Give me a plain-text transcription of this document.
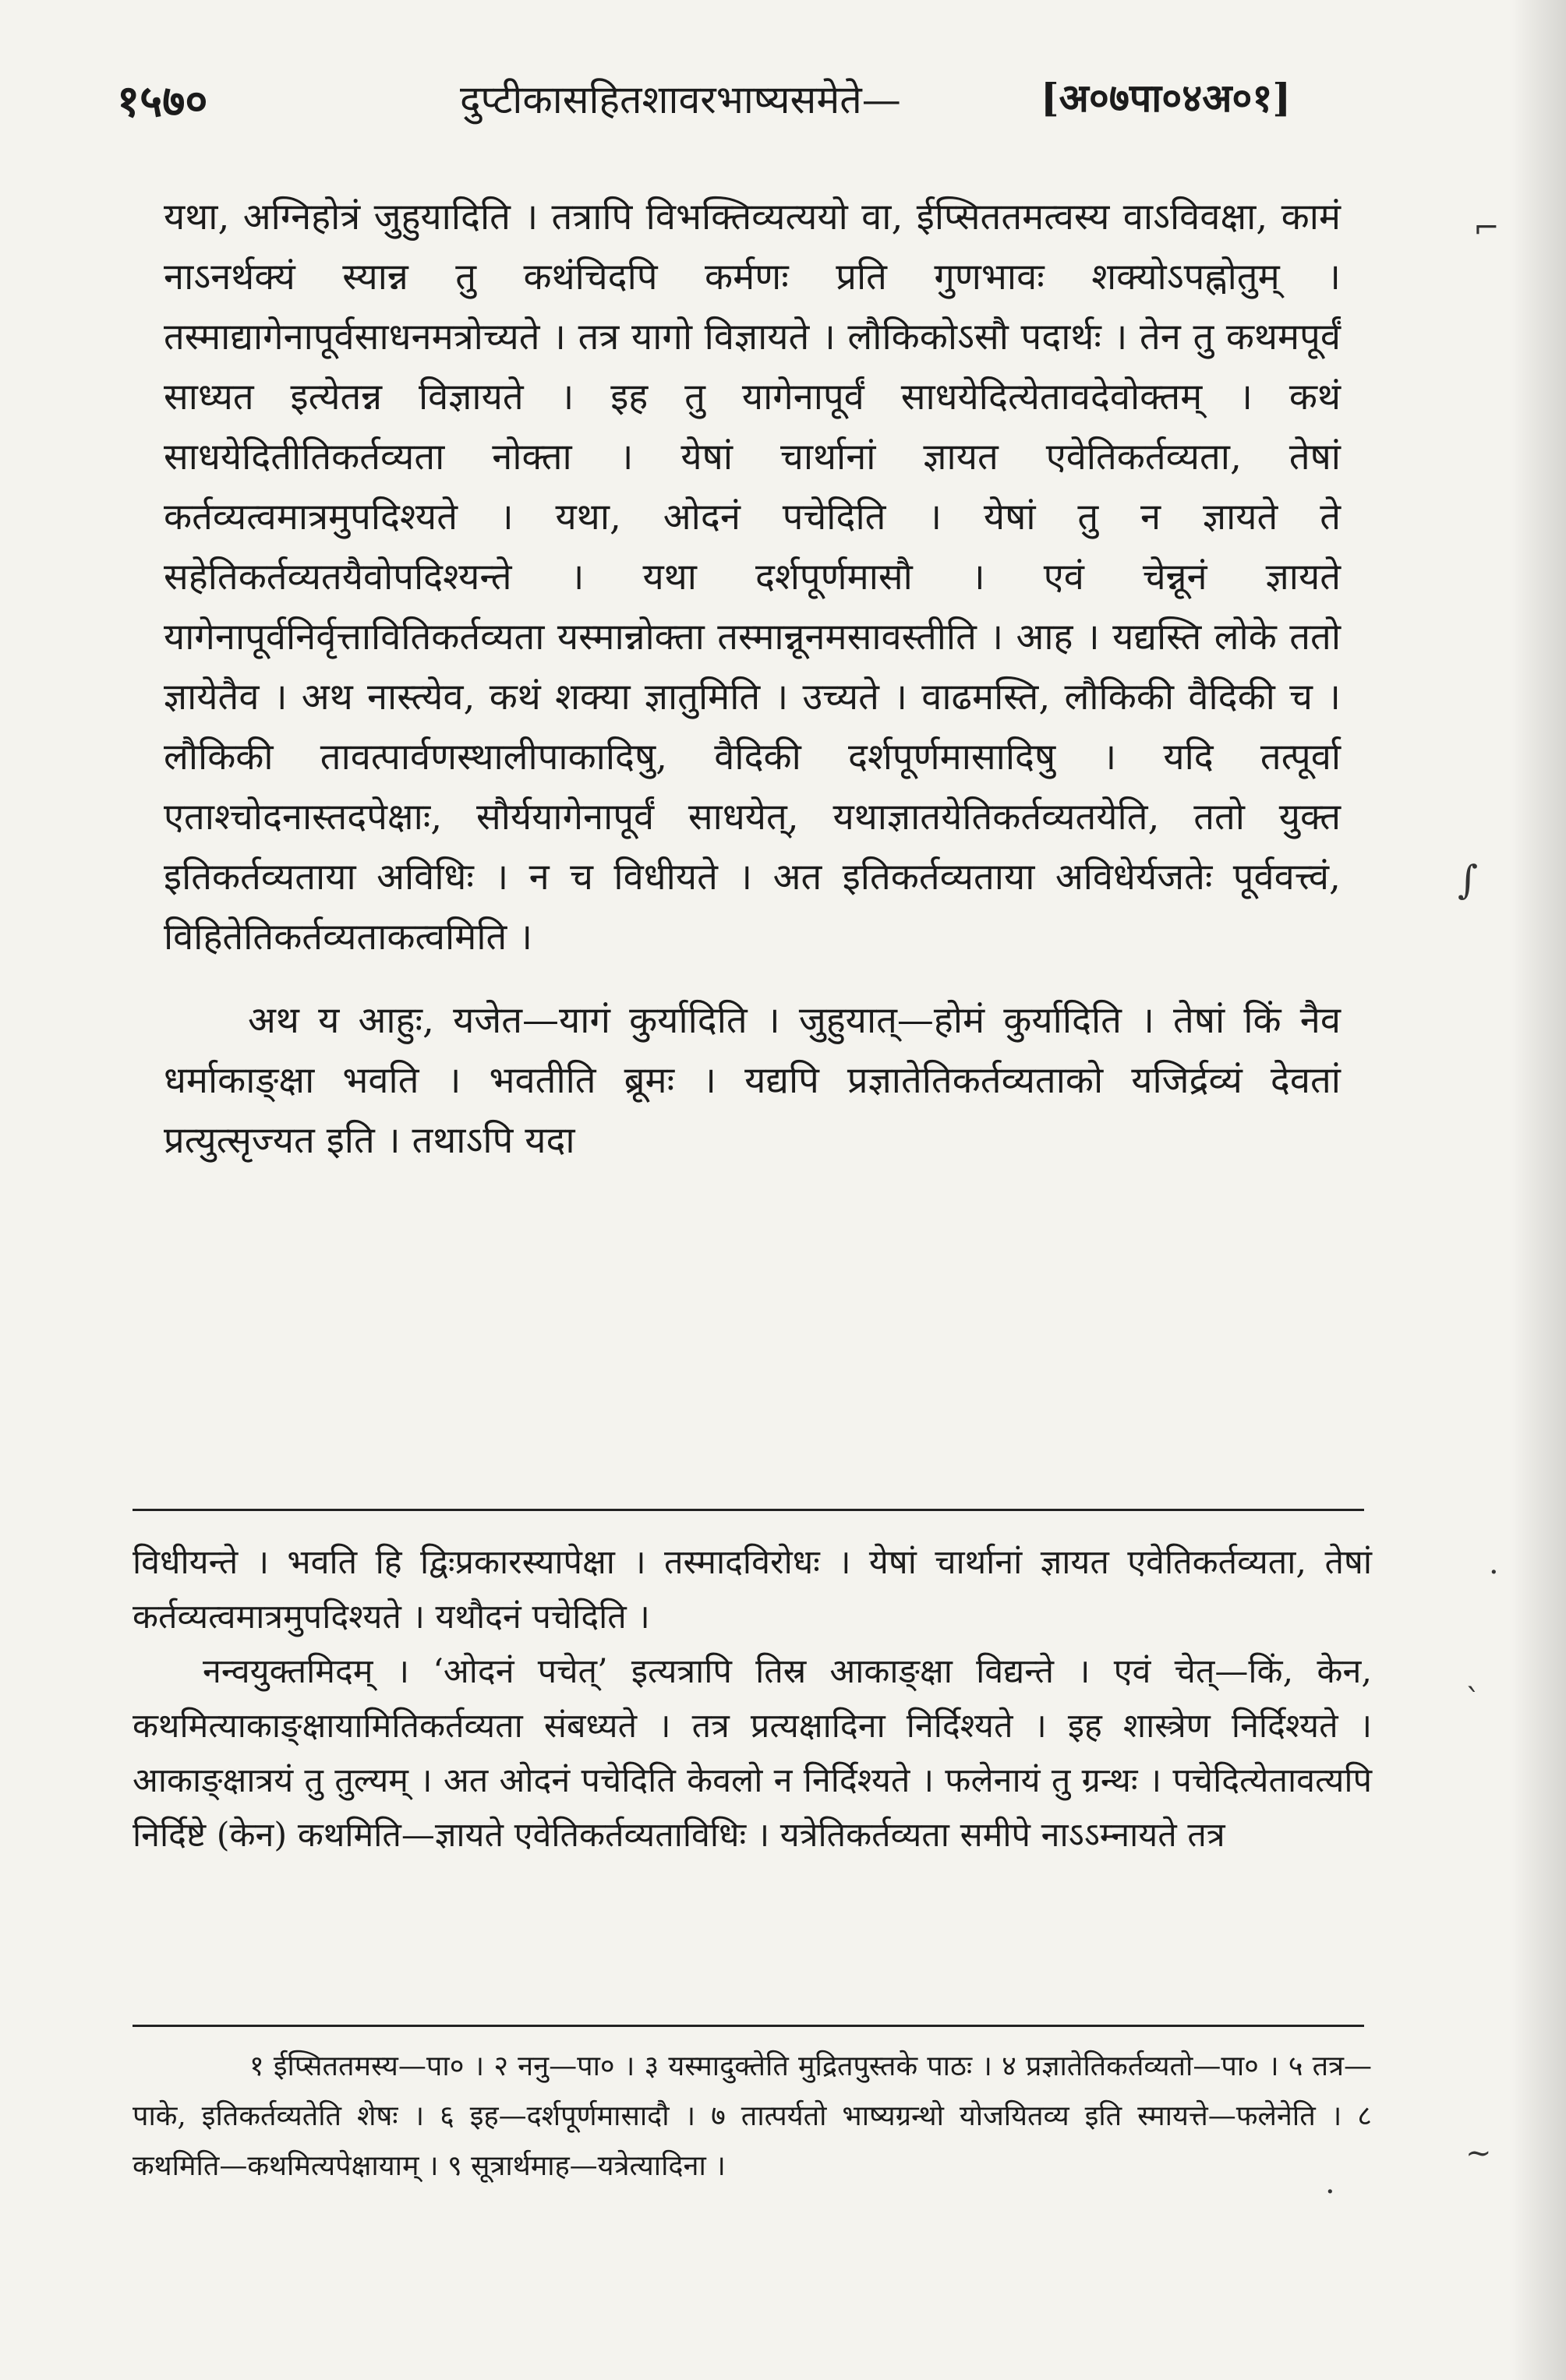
१५७०	दुप्टीकासहितशावरभाष्यसमेते—	[अ०७पा०४अ०१]

यथा, अग्निहोत्रं जुहुयादिति । तत्रापि विभक्तिव्यत्ययो वा, ईप्सिततमत्वस्य वाऽविवक्षा, कामं नाऽनर्थक्यं स्यान्न तु कथंचिदपि कर्मणः प्रति गुणभावः शक्योऽपह्नोतुम् । तस्माद्यागेनापूर्वसाधनमत्रोच्यते । तत्र यागो विज्ञायते । लौकिकोऽसौ पदार्थः । तेन तु कथमपूर्वं साध्यत इत्येतन्न विज्ञायते । इह तु यागेनापूर्वं साधयेदित्येतावदेवोक्तम् । कथं साधयेदितीतिकर्तव्यता नोक्ता । येषां चार्थानां ज्ञायत एवेतिकर्तव्यता, तेषां कर्तव्यत्वमात्रमुपदिश्यते । यथा, ओदनं पचेदिति । येषां तु न ज्ञायते ते सहेतिकर्तव्यतयैवोपदिश्यन्ते । यथा दर्शपूर्णमासौ । एवं चेन्नूनं ज्ञायते यागेनापूर्वनिर्वृत्तावितिकर्तव्यता यस्मान्नोक्ता तस्मान्नूनमसावस्तीति । आह । यद्यस्ति लोके ततो ज्ञायेतैव । अथ नास्त्येव, कथं शक्या ज्ञातुमिति । उच्यते । वाढमस्ति, लौकिकी वैदिकी च । लौकिकी तावत्पार्वणस्थालीपाकादिषु, वैदिकी दर्शपूर्णमासादिषु । यदि तत्पूर्वा एताश्चोदनास्तदपेक्षाः, सौर्ययागेनापूर्वं साधयेत्, यथाज्ञातयेतिकर्तव्यतयेति, ततो युक्त इतिकर्तव्यताया अविधिः । न च विधीयते । अत इतिकर्तव्यताया अविधेर्यजतेः पूर्ववत्त्वं, विहितेतिकर्तव्यताकत्वमिति ।

अथ य आहुः, यजेत—यागं कुर्यादिति । जुहुयात्—होमं कुर्यादिति । तेषां किं नैव धर्माकाङ्क्षा भवति । भवतीति ब्रूमः । यद्यपि प्रज्ञातेतिकर्तव्यताको यजिर्द्रव्यं देवतां प्रत्युत्सृज्यत इति । तथाऽपि यदा

विधीयन्ते । भवति हि द्विःप्रकारस्यापेक्षा । तस्मादविरोधः । येषां चार्थानां ज्ञायत एवेतिकर्तव्यता, तेषां कर्तव्यत्वमात्रमुपदिश्यते । यथौदनं पचेदिति ।

नन्वयुक्तमिदम् । ‘ओदनं पचेत्’ इत्यत्रापि तिस्र आकाङ्क्षा विद्यन्ते । एवं चेत्—किं, केन, कथमित्याकाङ्क्षायामितिकर्तव्यता संबध्यते । तत्र प्रत्यक्षादिना निर्दिश्यते । इह शास्त्रेण निर्दिश्यते । आकाङ्क्षात्रयं तु तुल्यम् । अत ओदनं पचेदिति केवलो न निर्दिश्यते । फलेनायं तु ग्रन्थः । पचेदित्येतावत्यपि निर्दिष्टे (केन) कथमिति—ज्ञायते एवेतिकर्तव्यताविधिः । यत्रेतिकर्तव्यता समीपे नाऽऽम्नायते तत्र

१ ईप्सिततमस्य—पा० । २ ननु—पा० । ३ यस्मादुक्तेति मुद्रितपुस्तके पाठः । ४ प्रज्ञातेतिकर्तव्यतो—पा० । ५ तत्र—पाके, इतिकर्तव्यतेति शेषः । ६ इह—दर्शपूर्णमासादौ । ७ तात्पर्यतो भाष्यग्रन्थो योजयितव्य इति स्मायत्ते—फलेनेति । ८ कथमिति—कथमित्यपेक्षायाम् । ९ सूत्रार्थमाह—यत्रेत्यादिना ।

⌐
∫
·
ˋ
~
·
